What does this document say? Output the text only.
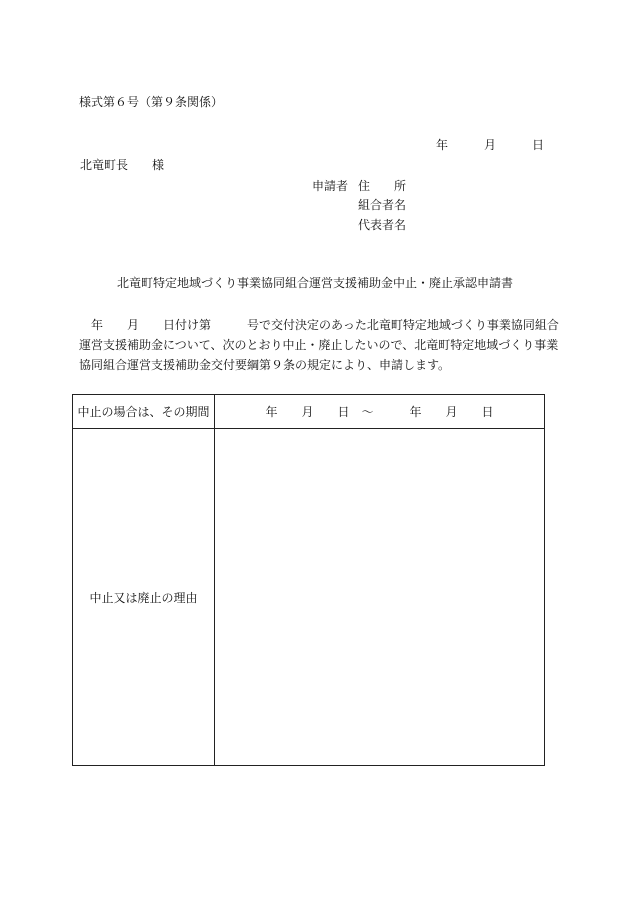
様式第６号（第９条関係）
年　　　月　　　日
北竜町長　　様
申請者 住　　所
組合者名
代表者名
北竜町特定地域づくり事業協同組合運営支援補助金中止・廃止承認申請書
　年　　月　　日付け第　　　号で交付決定のあった北竜町特定地域づくり事業協同組合
運営支援補助金について、次のとおり中止・廃止したいので、北竜町特定地域づくり事業
協同組合運営支援補助金交付要綱第９条の規定により、申請します。
中止の場合は、その期間	年　　月　　日　～　　　年　　月　　日
中止又は廃止の理由	
